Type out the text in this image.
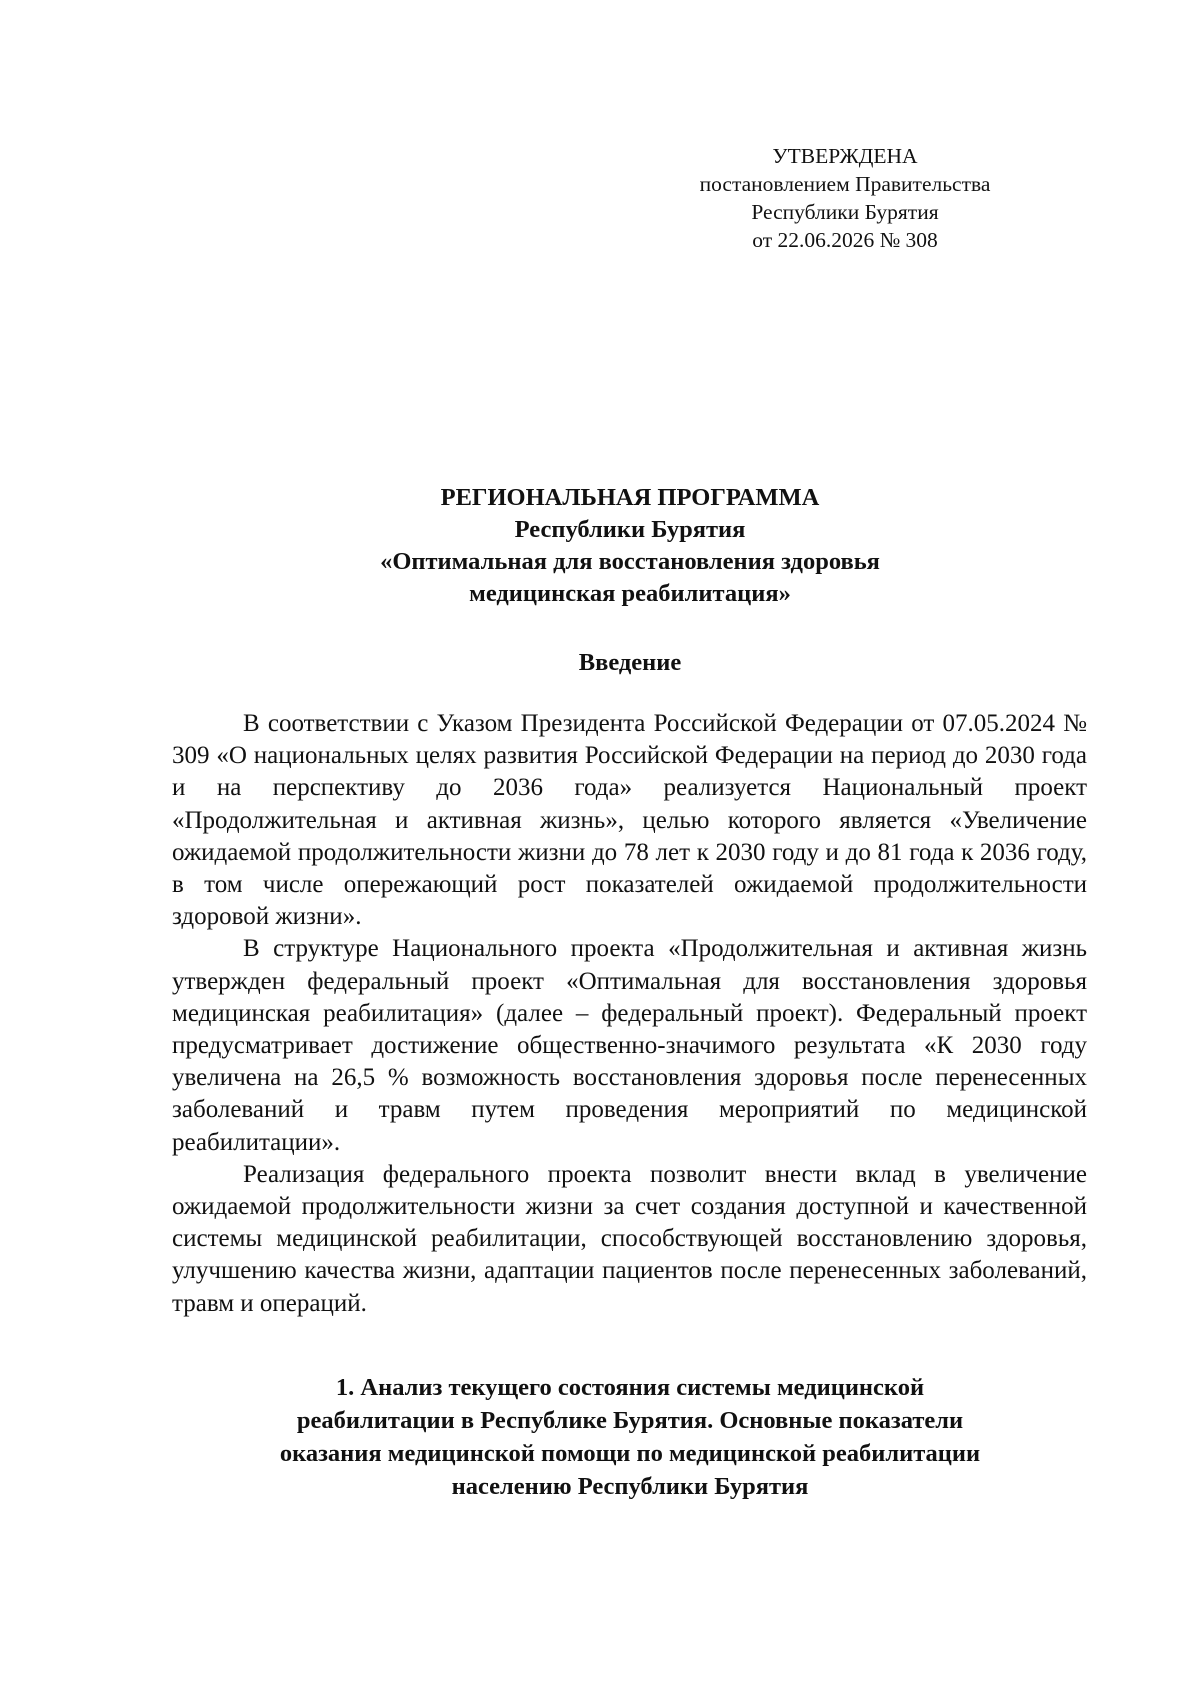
УТВЕРЖДЕНА
постановлением Правительства
Республики Бурятия
от 22.06.2026 № 308
РЕГИОНАЛЬНАЯ ПРОГРАММА
Республики Бурятия
«Оптимальная для восстановления здоровья
медицинская реабилитация»
Введение

В соответствии с Указом Президента Российской Федерации от 07.05.2024 № 309 «О национальных целях развития Российской Федерации на период до 2030 года и на перспективу до 2036 года» реализуется Национальный проект «Продолжительная и активная жизнь», целью которого является «Увеличение ожидаемой продолжительности жизни до 78 лет к 2030 году и до 81 года к 2036 году, в том числе опережающий рост показателей ожидаемой продолжительности здоровой жизни».

В структуре Национального проекта «Продолжительная и активная жизнь утвержден федеральный проект «Оптимальная для восстановления здоровья медицинская реабилитация» (далее – федеральный проект). Федеральный проект предусматривает достижение общественно-значимого результата «К 2030 году увеличена на 26,5 % возможность восстановления здоровья после перенесенных заболеваний и травм путем проведения мероприятий по медицинской реабилитации».

Реализация федерального проекта позволит внести вклад в увеличение ожидаемой продолжительности жизни за счет создания доступной и качественной системы медицинской реабилитации, способствующей восстановлению здоровья, улучшению качества жизни, адаптации пациентов после перенесенных заболеваний, травм и операций.

1. Анализ текущего состояния системы медицинской
реабилитации в Республике Бурятия. Основные показатели
оказания медицинской помощи по медицинской реабилитации
населению Республики Бурятия
